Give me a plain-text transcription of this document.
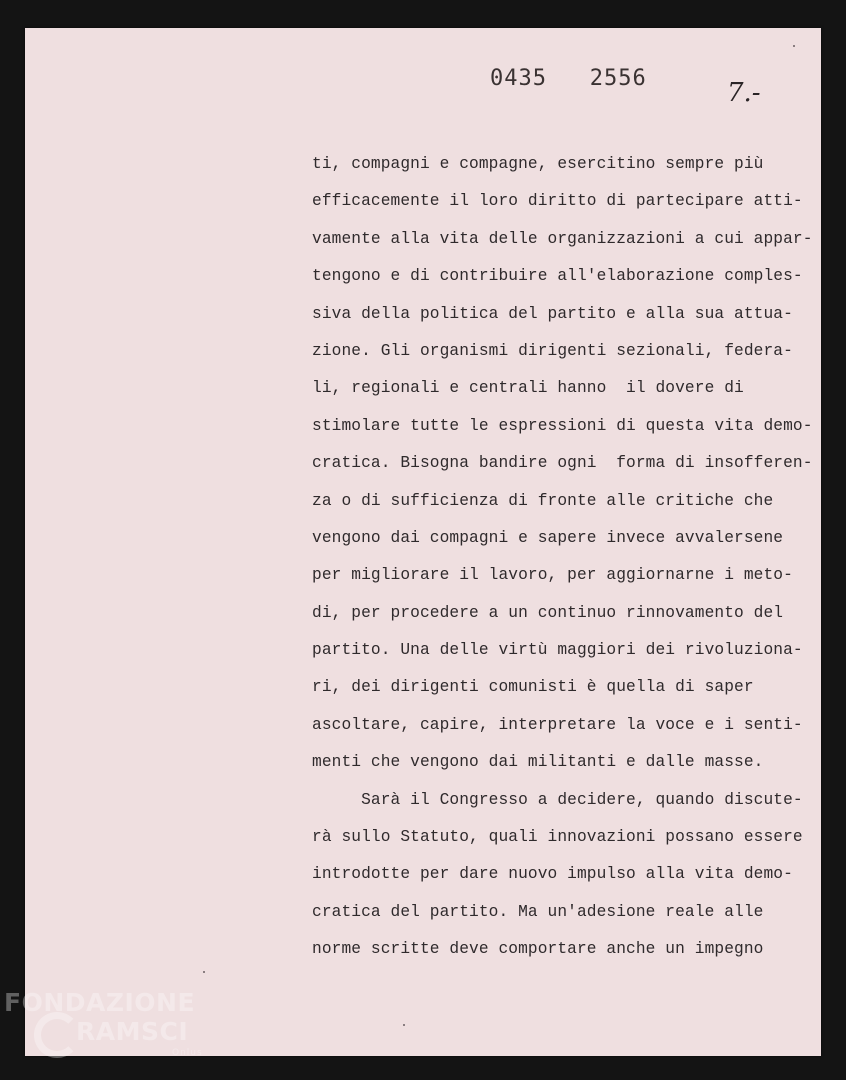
0435   2556	7.-
ti, compagni e compagne, esercitino sempre più
efficacemente il loro diritto di partecipare atti-
vamente alla vita delle organizzazioni a cui appar-
tengono e di contribuire all'elaborazione comples-
siva della politica del partito e alla sua attua-
zione. Gli organismi dirigenti sezionali, federa-
li, regionali e centrali hanno  il dovere di
stimolare tutte le espressioni di questa vita demo-
cratica. Bisogna bandire ogni  forma di insofferen-
za o di sufficienza di fronte alle critiche che
vengono dai compagni e sapere invece avvalersene
per migliorare il lavoro, per aggiornarne i meto-
di, per procedere a un continuo rinnovamento del
partito. Una delle virtù maggiori dei rivoluziona-
ri, dei dirigenti comunisti è quella di saper
ascoltare, capire, interpretare la voce e i senti-
menti che vengono dai militanti e dalle masse.
Sarà il Congresso a decidere, quando discute-
rà sullo Statuto, quali innovazioni possano essere
introdotte per dare nuovo impulso alla vita demo-
cratica del partito. Ma un'adesione reale alle
norme scritte deve comportare anche un impegno
FONDAZIONE
RAMSCI
Onlus
